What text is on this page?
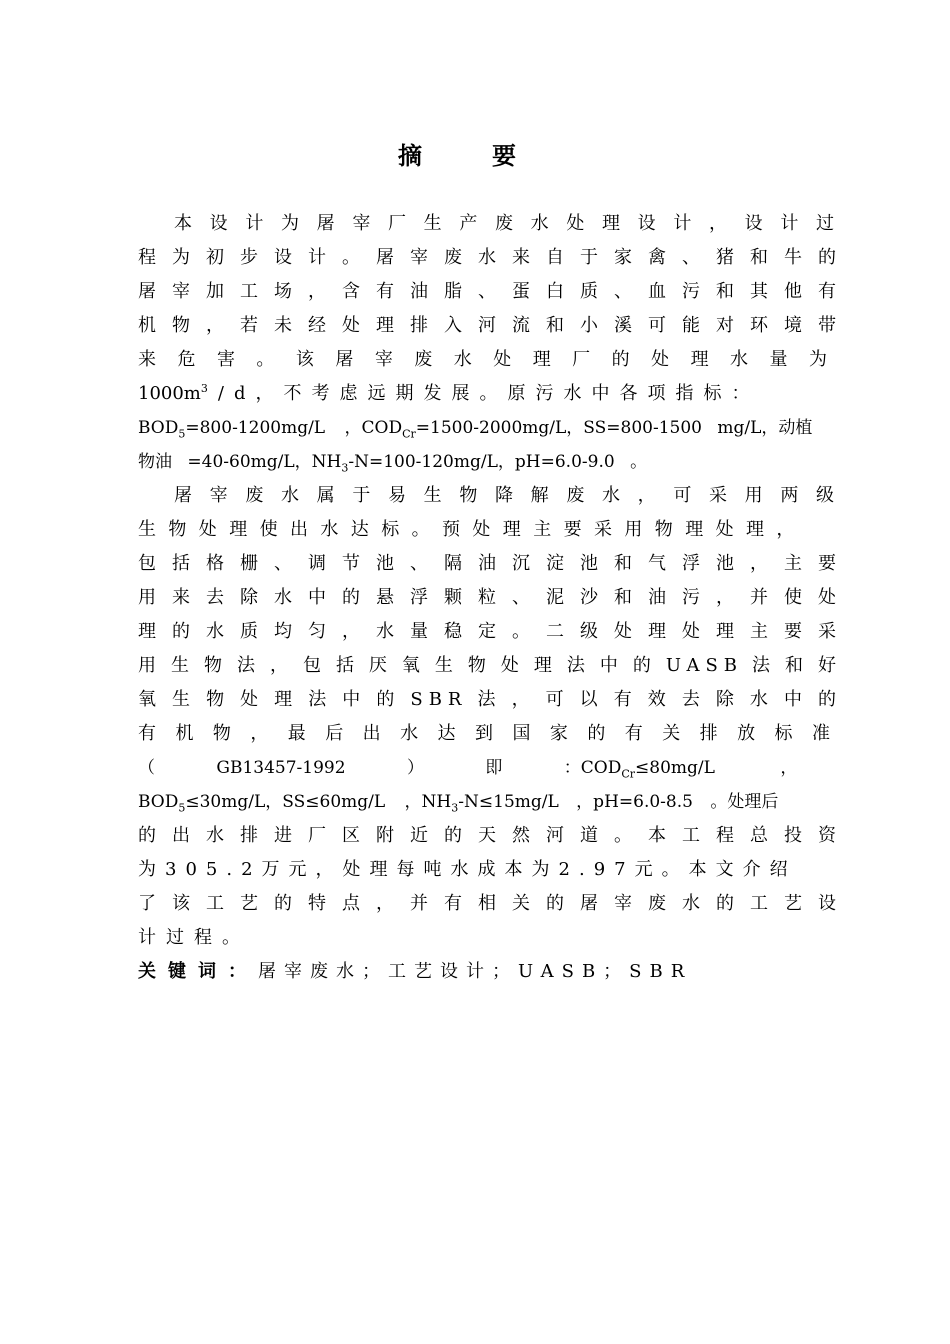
摘要
本设计为屠宰厂生产废水处理设计，设计过
程为初步设计。屠宰废水来自于家禽、猪和牛的
屠宰加工场，含有油脂、蛋白质、血污和其他有
机物，若未经处理排入河流和小溪可能对环境带
来危害。该屠宰废水处理厂的处理水量为
$1000m^3/d$，不考虑远期发展。原污水中各项指标：
$BOD_5=800-1200mg/L$ ，$COD_{Cr}=1500-2000mg/L$，SS=800-1500 mg/L，动植
物油 =40-60mg/L，$NH_3-N=100-120mg/L$，pH=6.0-9.0 。
屠宰废水属于易生物降解废水，可采用两级
生物处理使出水达标。预处理主要采用物理处理，
包括格栅、调节池、隔油沉淀池和气浮池，主要
用来去除水中的悬浮颗粒、泥沙和油污，并使处
理的水质均匀，水量稳定。二级处理处理主要采
用生物法，包括厌氧生物处理法中的UASB法和好
氧生物处理法中的SBR法，可以有效去除水中的
有机物，最后出水达到国家的有关排放标准
（ GB13457-1992 ） 即 ：$COD_{Cr}\le 80mg/L$ ，
$BOD_5\le 30mg/L$，SS≤60mg/L ，$NH_3-N\le 15mg/L$ ，pH=6.0-8.5 。处理后
的出水排进厂区附近的天然河道。本工程总投资
为305.2万元，处理每吨水成本为2.97元。本文介绍
了该工艺的特点，并有相关的屠宰废水的工艺设
计过程。
关键词：屠宰废水；工艺设计；UASB；SBR
